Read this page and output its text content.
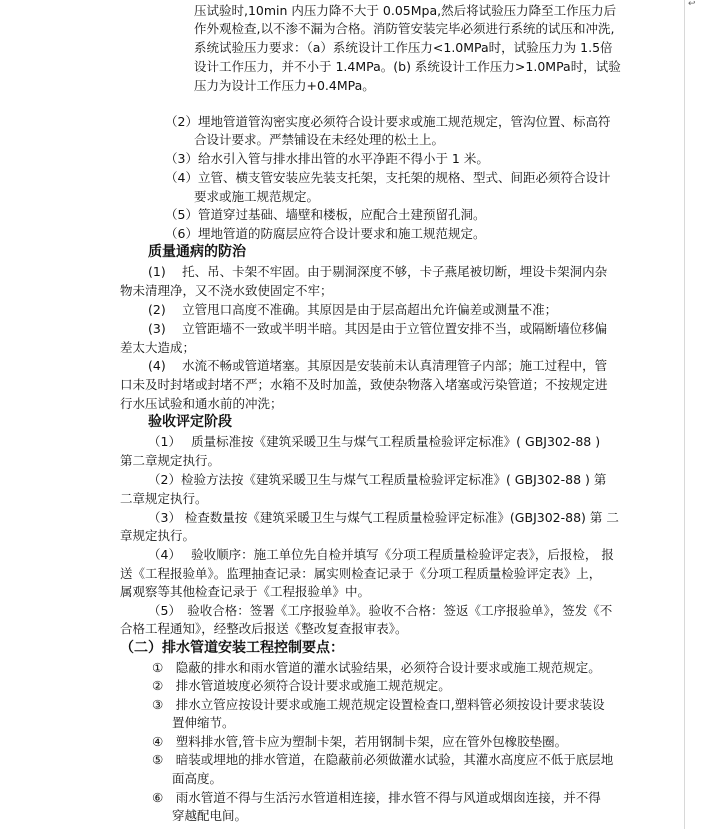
↩
压试验时,10min 内压力降不大于 0.05Mpa,然后将试验压力降至工作压力后
作外观检查,以不渗不漏为合格。消防管安装完毕必须进行系统的试压和冲洗,
系统试验压力要求：（a）系统设计工作压力<1.0MPa时，试验压力为 1.5倍
设计工作压力，并不小于 1.4MPa。(b) 系统设计工作压力>1.0MPa时，试验
压力为设计工作压力+0.4MPa。
（2）埋地管道管沟密实度必须符合设计要求或施工规范规定，管沟位置、标高符
合设计要求。严禁铺设在未经处理的松土上。
（3）给水引入管与排水排出管的水平净距不得小于 1 米。
（4）立管、横支管安装应先装支托架，支托架的规格、型式、间距必须符合设计
要求或施工规范规定。
（5）管道穿过基础、墙壁和楼板，应配合土建预留孔洞。
（6）埋地管道的防腐层应符合设计要求和施工规范规定。
质量通病的防治
(1)　 托、吊、卡架不牢固。由于剔洞深度不够，卡子燕尾被切断，埋设卡架洞内杂
物未清理净，又不浇水致使固定不牢；
(2)　 立管甩口高度不准确。其原因是由于层高超出允许偏差或测量不准；
(3)　 立管距墙不一致或半明半暗。其因是由于立管位置安排不当，或隔断墙位移偏
差太大造成；
(4)　 水流不畅或管道堵塞。其原因是安装前未认真清理管子内部；施工过程中，管
口未及时封堵或封堵不严；水箱不及时加盖，致使杂物落入堵塞或污染管道；不按规定进
行水压试验和通水前的冲洗；
验收评定阶段
（1）　 质量标准按《建筑采暖卫生与煤气工程质量检验评定标准》( GBJ302-88 )
第二章规定执行。
（2）检验方法按《建筑采暖卫生与煤气工程质量检验评定标准》( GBJ302-88 ) 第
二章规定执行。
（3） 检查数量按《建筑采暖卫生与煤气工程质量检验评定标准》(GBJ302-88) 第 二
章规定执行。
（4）　 验收顺序：施工单位先自检并填写《分项工程质量检验评定表》，后报检， 报
送《工程报验单》。监理抽查记录：属实则检查记录于《分项工程质量检验评定表》上，
属观察等其他检查记录于《工程报验单》中。
（5）　验收合格：签署《工序报验单》。验收不合格：签返《工序报验单》，签发《不
合格工程通知》，经整改后报送《整改复查报审表》。
（二）排水管道安装工程控制要点：
①　隐蔽的排水和雨水管道的灌水试验结果，必须符合设计要求或施工规范规定。
②　排水管道坡度必须符合设计要求或施工规范规定。
③　排水立管应按设计要求或施工规范规定设置检查口,塑料管必须按设计要求装设
置伸缩节。
④　塑料排水管,管卡应为塑制卡架，若用钢制卡架，应在管外包橡胶垫圈。
⑤　暗装或埋地的排水管道，在隐蔽前必须做灌水试验，其灌水高度应不低于底层地
面高度。
⑥　雨水管道不得与生活污水管道相连接，排水管不得与风道或烟囱连接，并不得
穿越配电间。
